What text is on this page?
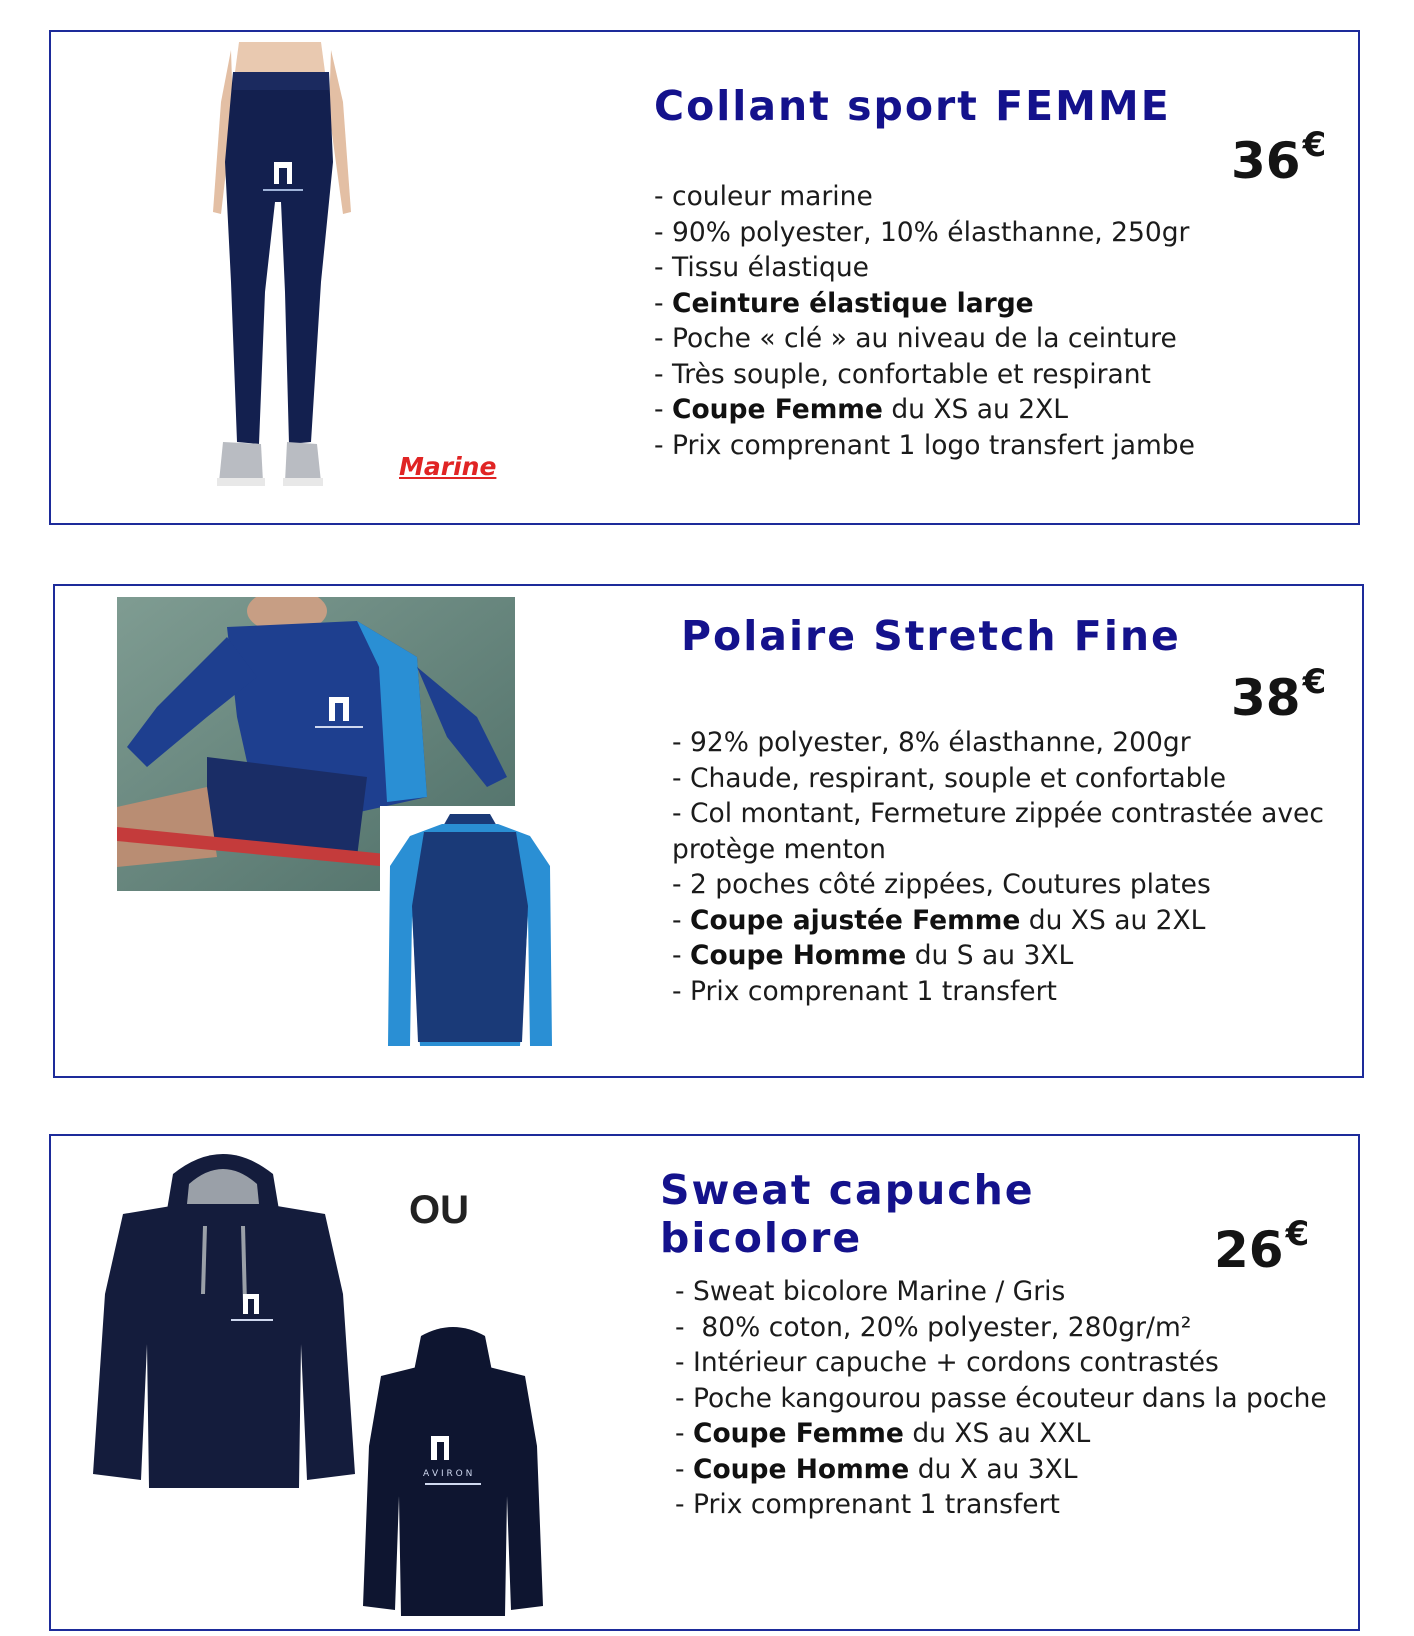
Marine
Collant sport FEMME
36€
- couleur marine
- 90% polyester, 10% élasthanne, 250gr
- Tissu élastique
- Ceinture élastique large
- Poche « clé » au niveau de la ceinture
- Très souple, confortable et respirant
- Coupe Femme du XS au 2XL
- Prix comprenant 1 logo transfert jambe
Polaire Stretch Fine
38€
- 92% polyester, 8% élasthanne, 200gr
- Chaude, respirant, souple et confortable
- Col montant, Fermeture zippée contrastée avec protège menton
- 2 poches côté zippées, Coutures plates
- Coupe ajustée Femme du XS au 2XL
- Coupe Homme du S au 3XL
- Prix comprenant 1 transfert
OU
A V I R O N
Sweat capuche
bicolore	26€
- Sweat bicolore Marine / Gris
-  80% coton, 20% polyester, 280gr/m²
- Intérieur capuche + cordons contrastés
- Poche kangourou passe écouteur dans la poche
- Coupe Femme du XS au XXL
- Coupe Homme du X au 3XL
- Prix comprenant 1 transfert
